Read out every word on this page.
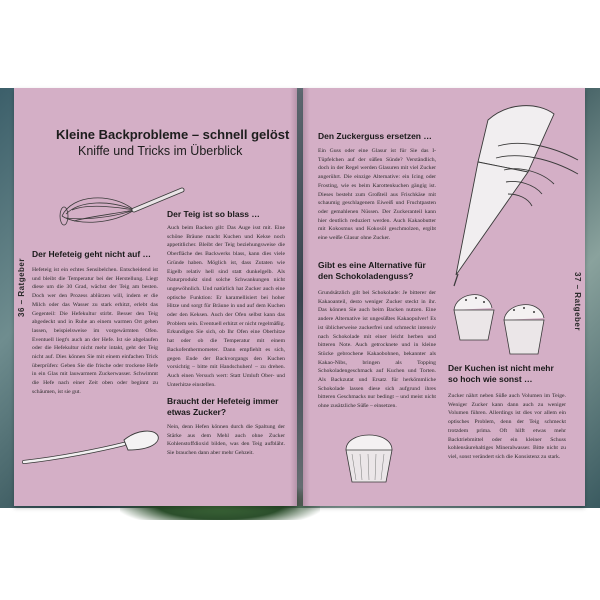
36 – Ratgeber	37 – Ratgeber
Kleine Backprobleme – schnell gelöst
Kniffe und Tricks im Überblick
Der Hefeteig geht nicht auf …

Hefeteig ist ein echtes Sensibelchen. Entscheidend ist und bleibt die Temperatur bei der Herstellung. Liegt diese um die 30 Grad, wächst der Teig am besten. Doch wer den Prozess ablürzen will, indem er die Milch oder das Wasser zu stark erhitzt, erlebt das Gegenteil: Die Hefekultur stirbt. Besser den Teig abgedeckt und in Ruhe an einem warmen Ort gehen lassen, beispielsweise im vorgewärmten Ofen. Eventuell liegt's auch an der Hefe. Ist sie abgelaufen oder die Hefekultur nicht mehr intakt, geht der Teig nicht auf. Dies können Sie mit einem einfachen Trick überprüfen: Geben Sie die frische oder trockene Hefe in ein Glas mit lauwarmem Zuckerwasser. Schwimmt die Hefe nach einer Zeit oben oder beginnt zu schäumen, ist sie gut.

Der Teig ist so blass …

Auch beim Backen gilt: Das Auge isst mit. Eine schöne Bräune macht Kuchen und Kekse noch appetitlicher. Bleibt der Teig beziehungsweise die Oberfläche des Backwerks blass, kann dies viele Gründe haben. Möglich ist, dass Zutaten wie Eigelb relativ hell sind statt dunkelgelb. Als Naturprodukt sind solche Schwankungen nicht ungewöhnlich. Und natürlich hat Zucker auch eine optische Funktion: Er karamellisiert bei hoher Hitze und sorgt für Bräune in und auf dem Kuchen oder den Keksen. Auch der Ofen selbst kann das Problem sein. Eventuell erhitzt er nicht regelmäßig. Erkundigen Sie sich, ob Ihr Ofen eine Oberhitze hat oder ob die Temperatur mit einem Backofenthermometer. Dann empfiehlt es sich, gegen Ende der Backvorgangs den Kuchen vorsichtig – bitte mit Handschuhen! – zu drehen. Auch einen Versuch wert: Statt Umluft Ober- und Unterhitze einstellen.

Braucht der Hefeteig immer etwas Zucker?

Nein, denn Hefen können durch die Spaltung der Stärke aus dem Mehl auch ohne Zucker Kohlenstoffdioxid bilden, was den Teig aufbläht. Sie brauchen dann aber mehr Gehzeit.

Den Zuckerguss ersetzen …

Ein Guss oder eine Glasur ist für Sie das I-Tüpfelchen auf der süßen Sünde? Verständlich, doch in der Regel werden Glasuren mit viel Zucker angerührt. Die einzige Alternative: ein Icing oder Frosting, wie es beim Karottenkuchen gängig ist. Dieses besteht zum Großteil aus Frischkäse mit schaumig geschlagenem Eiweiß und Fruchtpasten oder gemahlenen Nüssen. Der Zuckeranteil kann hier deutlich reduziert werden. Auch Kakaobutter mit Kokosmus und Kokosöl geschmolzen, ergibt eine weiße Glasur ohne Zucker.

Gibt es eine Alternative für den Schokoladenguss?

Grundsätzlich gilt bei Schokolade: Je bitterer der Kakaoanteil, desto weniger Zucker steckt in ihr. Das können Sie auch beim Backen nutzen. Eine andere Alternative ist ungesüßtes Kakaopulver! Es ist üblicherweise zuckerfrei und schmeckt intensiv nach Schokolade mit einer leicht herben und bitteren Note. Auch getrocknete und in kleine Stücke gebrochene Kakaobohnen, bekannter als Kakao-Nibs, bringen als Topping Schokoladengeschmack auf Kuchen und Torten. Als Backzutat und Ersatz für herkömmliche Schokolade lassen diese sich aufgrund ihres bitteren Geschmacks nur bedingt – und meist nicht ohne zusätzliche Süße – einsetzen.

Der Kuchen ist nicht mehr so hoch wie sonst …

Zucker nährt neben Süße auch Volumen im Teige. Weniger Zucker kann dann auch zu weniger Volumen führen. Allerdings ist dies vor allem ein optisches Problem, denn der Teig schmeckt trotzdem prima. Oft hilft etwas mehr Backtriebmittel oder ein kleiner Schuss kohlensäurehaltiges Mineralwasser. Bitte nicht zu viel, sonst verändert sich die Konsistenz zu stark.
